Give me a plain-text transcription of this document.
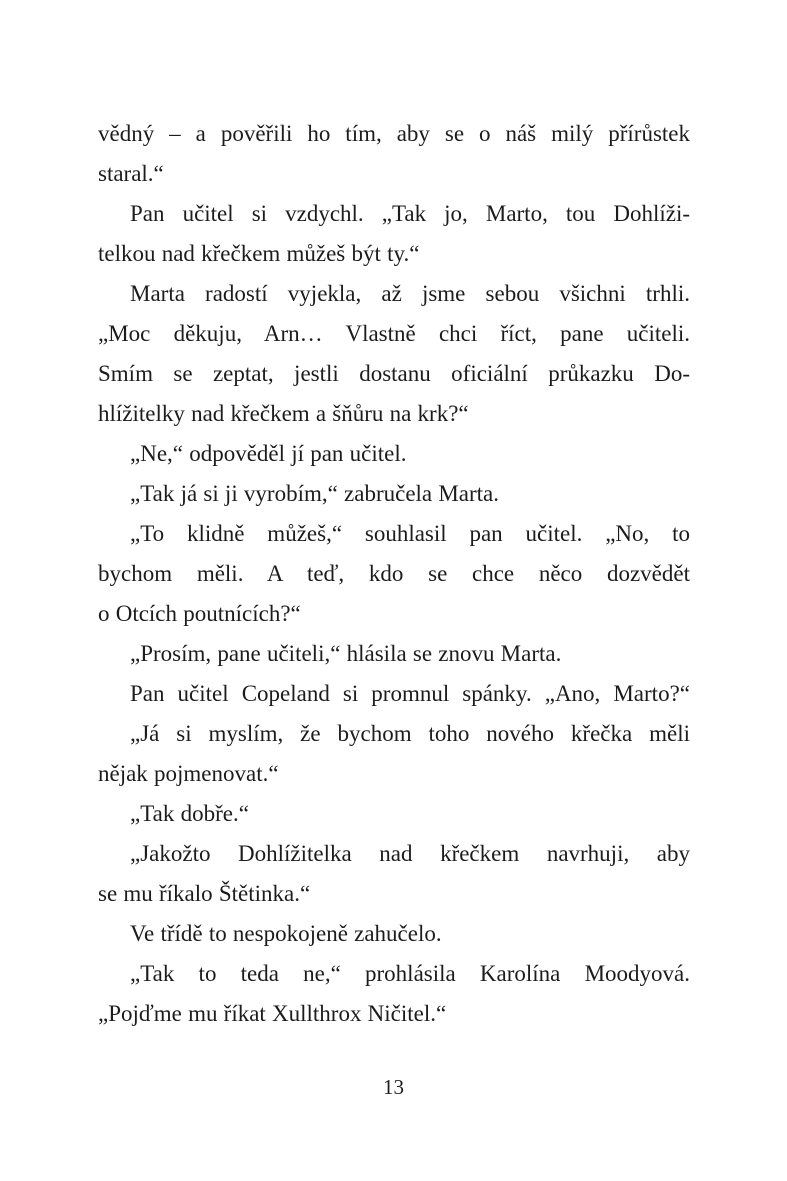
vědný – a pověřili ho tím, aby se o náš milý přírůstek
staral.“
Pan učitel si vzdychl. „Tak jo, Marto, tou Dohlíži-
telkou nad křečkem můžeš být ty.“
Marta radostí vyjekla, až jsme sebou všichni trhli.
„Moc děkuju, Arn… Vlastně chci říct, pane učiteli.
Smím se zeptat, jestli dostanu oficiální průkazku Do-
hlížitelky nad křečkem a šňůru na krk?“
„Ne,“ odpověděl jí pan učitel.
„Tak já si ji vyrobím,“ zabručela Marta.
„To klidně můžeš,“ souhlasil pan učitel. „No, to
bychom měli. A teď, kdo se chce něco dozvědět
o Otcích poutnících?“
„Prosím, pane učiteli,“ hlásila se znovu Marta.
Pan učitel Copeland si promnul spánky. „Ano, Marto?“
„Já si myslím, že bychom toho nového křečka měli
nějak pojmenovat.“
„Tak dobře.“
„Jakožto Dohlížitelka nad křečkem navrhuji, aby
se mu říkalo Štětinka.“
Ve třídě to nespokojeně zahučelo.
„Tak to teda ne,“ prohlásila Karolína Moodyová.
„Pojďme mu říkat Xullthrox Ničitel.“
13
